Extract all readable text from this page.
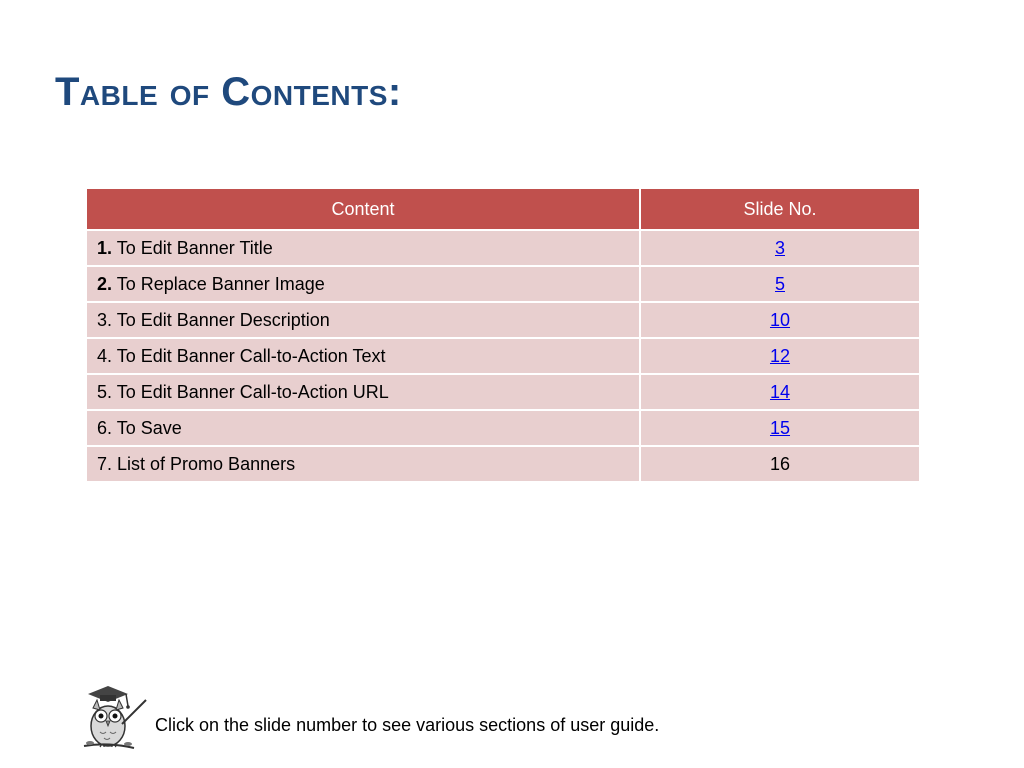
Table of Contents:
Content	Slide No.
1. To Edit Banner Title	3
2. To Replace Banner Image	5
3. To Edit Banner Description	10
4. To Edit Banner Call-to-Action Text	12
5. To Edit Banner Call-to-Action URL	14
6. To Save	15
7. List of Promo Banners	16
Click on the slide number to see various sections of user guide.
